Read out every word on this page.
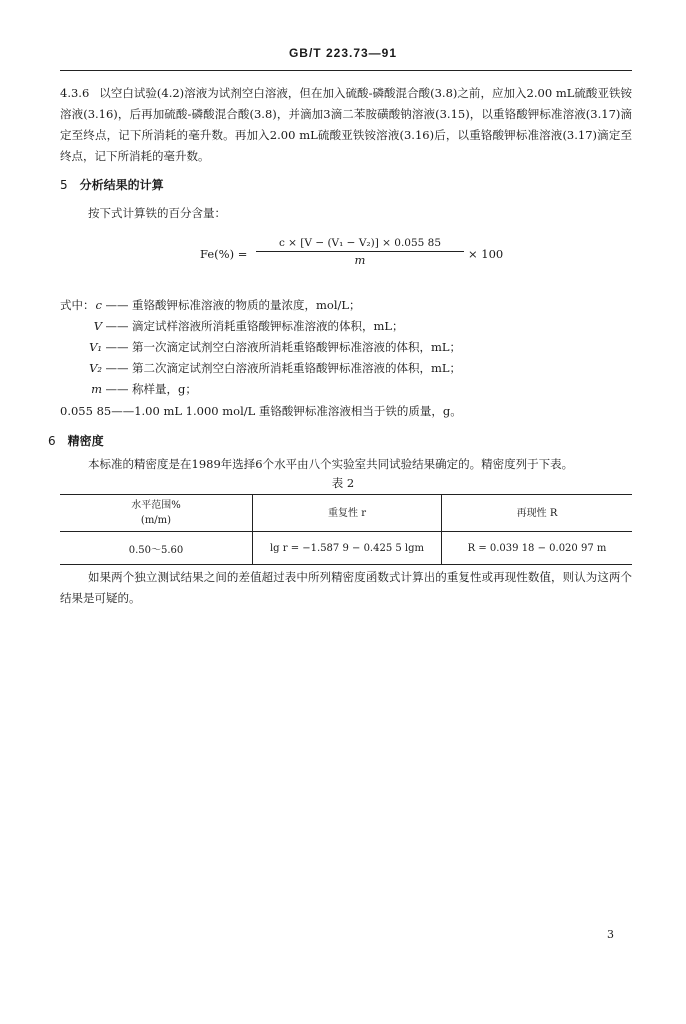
GB/T 223.73—91
4.3.6 以空白试验(4.2)溶液为试剂空白溶液，但在加入硫酸-磷酸混合酸(3.8)之前，应加入2.00 mL硫酸亚铁铵溶液(3.16)，后再加硫酸-磷酸混合酸(3.8)，并滴加3滴二苯胺磺酸钠溶液(3.15)，以重铬酸钾标准溶液(3.17)滴定至终点，记下所消耗的毫升数。再加入2.00 mL硫酸亚铁铵溶液(3.16)后，以重铬酸钾标准溶液(3.17)滴定至终点，记下所消耗的毫升数。
5 分析结果的计算
按下式计算铁的百分含量：
$Fe(\%) = \frac{\text{c × [V − (V₁ − V₂)] × 0.055 85}}{m} \times 100$
式中： c —— 重铬酸钾标准溶液的物质的量浓度，mol/L；
V —— 滴定试样溶液所消耗重铬酸钾标准溶液的体积，mL；
V₁ —— 第一次滴定试剂空白溶液所消耗重铬酸钾标准溶液的体积，mL；
V₂ —— 第二次滴定试剂空白溶液所消耗重铬酸钾标准溶液的体积，mL；
m —— 称样量，g；
0.055 85——1.00 mL 1.000 mol/L 重铬酸钾标准溶液相当于铁的质量，g。
6 精密度
本标准的精密度是在1989年选择6个水平由八个实验室共同试验结果确定的。精密度列于下表。
表 2
水平范围%
(m/m)	重复性 r	再现性 R
0.50～5.60	lg r = −1.587 9 − 0.425 5 lgm	R = 0.039 18 − 0.020 97 m
如果两个独立测试结果之间的差值超过表中所列精密度函数式计算出的重复性或再现性数值，则认为这两个结果是可疑的。
3
